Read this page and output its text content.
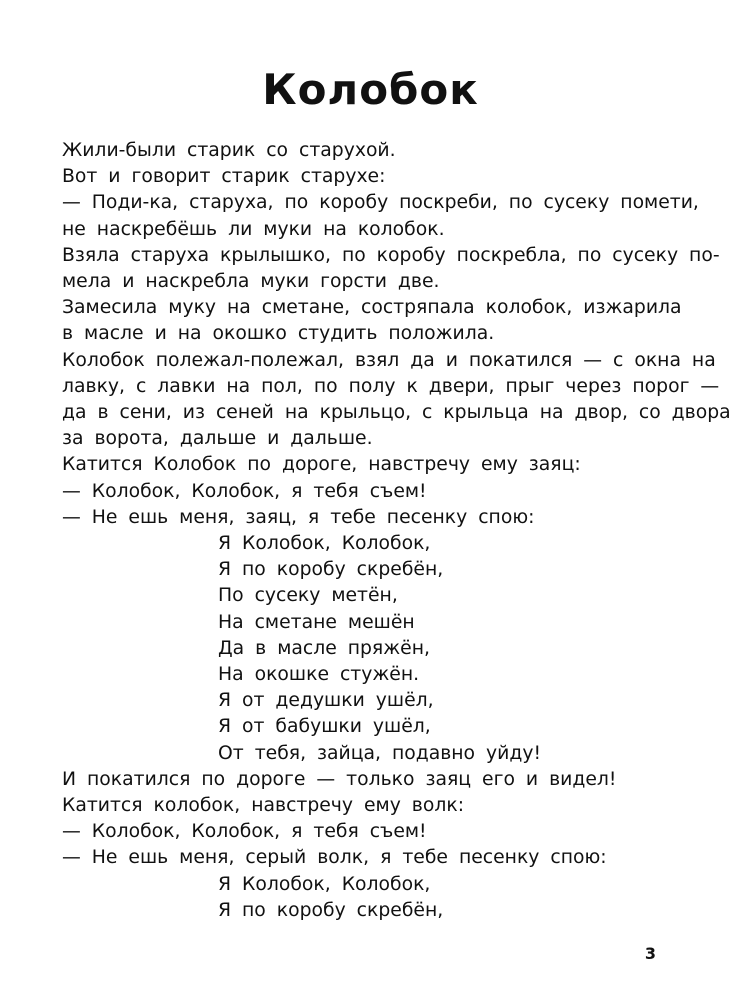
Колобок
Жили-были старик со старухой.
Вот и говорит старик старухе:
— Поди-ка, старуха, по коробу поскреби, по сусеку помети,
не наскребёшь ли муки на колобок.
Взяла старуха крылышко, по коробу поскребла, по сусеку по-
мела и наскребла муки горсти две.
Замесила муку на сметане, состряпала колобок, изжарила
в масле и на окошко студить положила.
Колобок полежал-полежал, взял да и покатился — с окна на
лавку, с лавки на пол, по полу к двери, прыг через порог —
да в сени, из сеней на крыльцо, с крыльца на двор, со двора
за ворота, дальше и дальше.
Катится Колобок по дороге, навстречу ему заяц:
— Колобок, Колобок, я тебя съем!
— Не ешь меня, заяц, я тебе песенку спою:
Я Колобок, Колобок,
Я по коробу скребён,
По сусеку метён,
На сметане мешён
Да в масле пряжён,
На окошке стужён.
Я от дедушки ушёл,
Я от бабушки ушёл,
От тебя, зайца, подавно уйду!
И покатился по дороге — только заяц его и видел!
Катится колобок, навстречу ему волк:
— Колобок, Колобок, я тебя съем!
— Не ешь меня, серый волк, я тебе песенку спою:
Я Колобок, Колобок,
Я по коробу скребён,
3
